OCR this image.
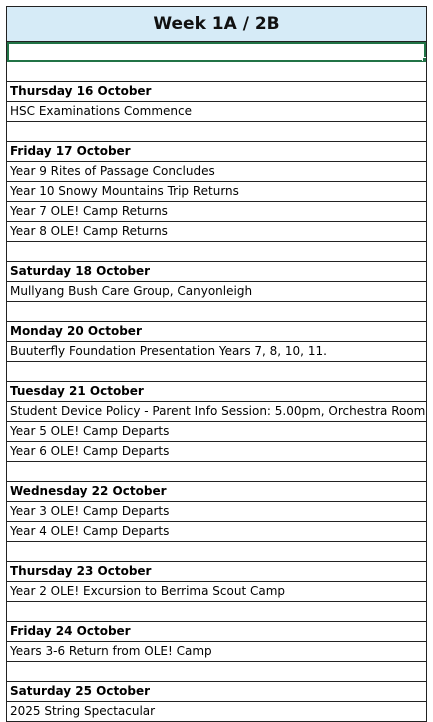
Week 1A / 2B
Thursday 16 October
HSC Examinations Commence
Friday 17 October
Year 9 Rites of Passage Concludes
Year 10 Snowy Mountains Trip Returns
Year 7 OLE! Camp Returns
Year 8 OLE! Camp Returns
Saturday 18 October
Mullyang Bush Care Group, Canyonleigh
Monday 20 October
Buuterfly Foundation Presentation Years 7, 8, 10, 11.
Tuesday 21 October
Student Device Policy - Parent Info Session: 5.00pm, Orchestra Room
Year 5 OLE! Camp Departs
Year 6 OLE! Camp Departs
Wednesday 22 October
Year 3 OLE! Camp Departs
Year 4 OLE! Camp Departs
Thursday 23 October
Year 2 OLE! Excursion to Berrima Scout Camp
Friday 24 October
Years 3-6 Return from OLE! Camp
Saturday 25 October
2025 String Spectacular
